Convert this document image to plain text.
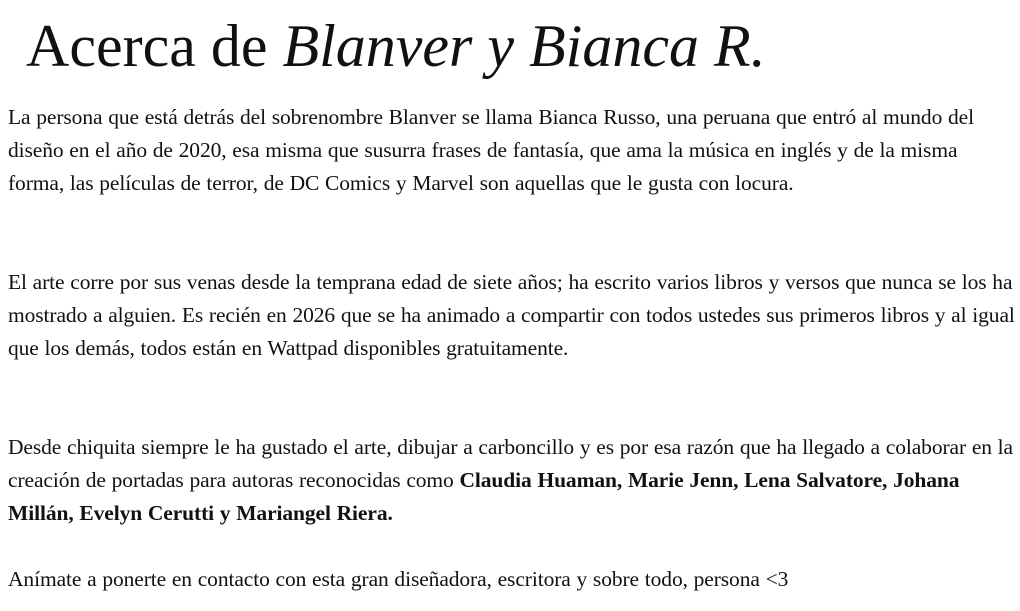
Acerca de Blanver y Bianca R.

La persona que está detrás del sobrenombre Blanver se llama Bianca Russo, una peruana que entró al mundo del diseño en el año de 2020, esa misma que susurra frases de fantasía, que ama la música en inglés y de la misma forma, las películas de terror, de DC Comics y Marvel son aquellas que le gusta con locura.

El arte corre por sus venas desde la temprana edad de siete años; ha escrito varios libros y versos que nunca se los ha mostrado a alguien. Es recién en 2026 que se ha animado a compartir con todos ustedes sus primeros libros y al igual que los demás, todos están en Wattpad disponibles gratuitamente.

Desde chiquita siempre le ha gustado el arte, dibujar a carboncillo y es por esa razón que ha llegado a colaborar en la creación de portadas para autoras reconocidas como Claudia Huaman, Marie Jenn, Lena Salvatore, Johana Millán, Evelyn Cerutti y Mariangel Riera.

Anímate a ponerte en contacto con esta gran diseñadora, escritora y sobre todo, persona <3
